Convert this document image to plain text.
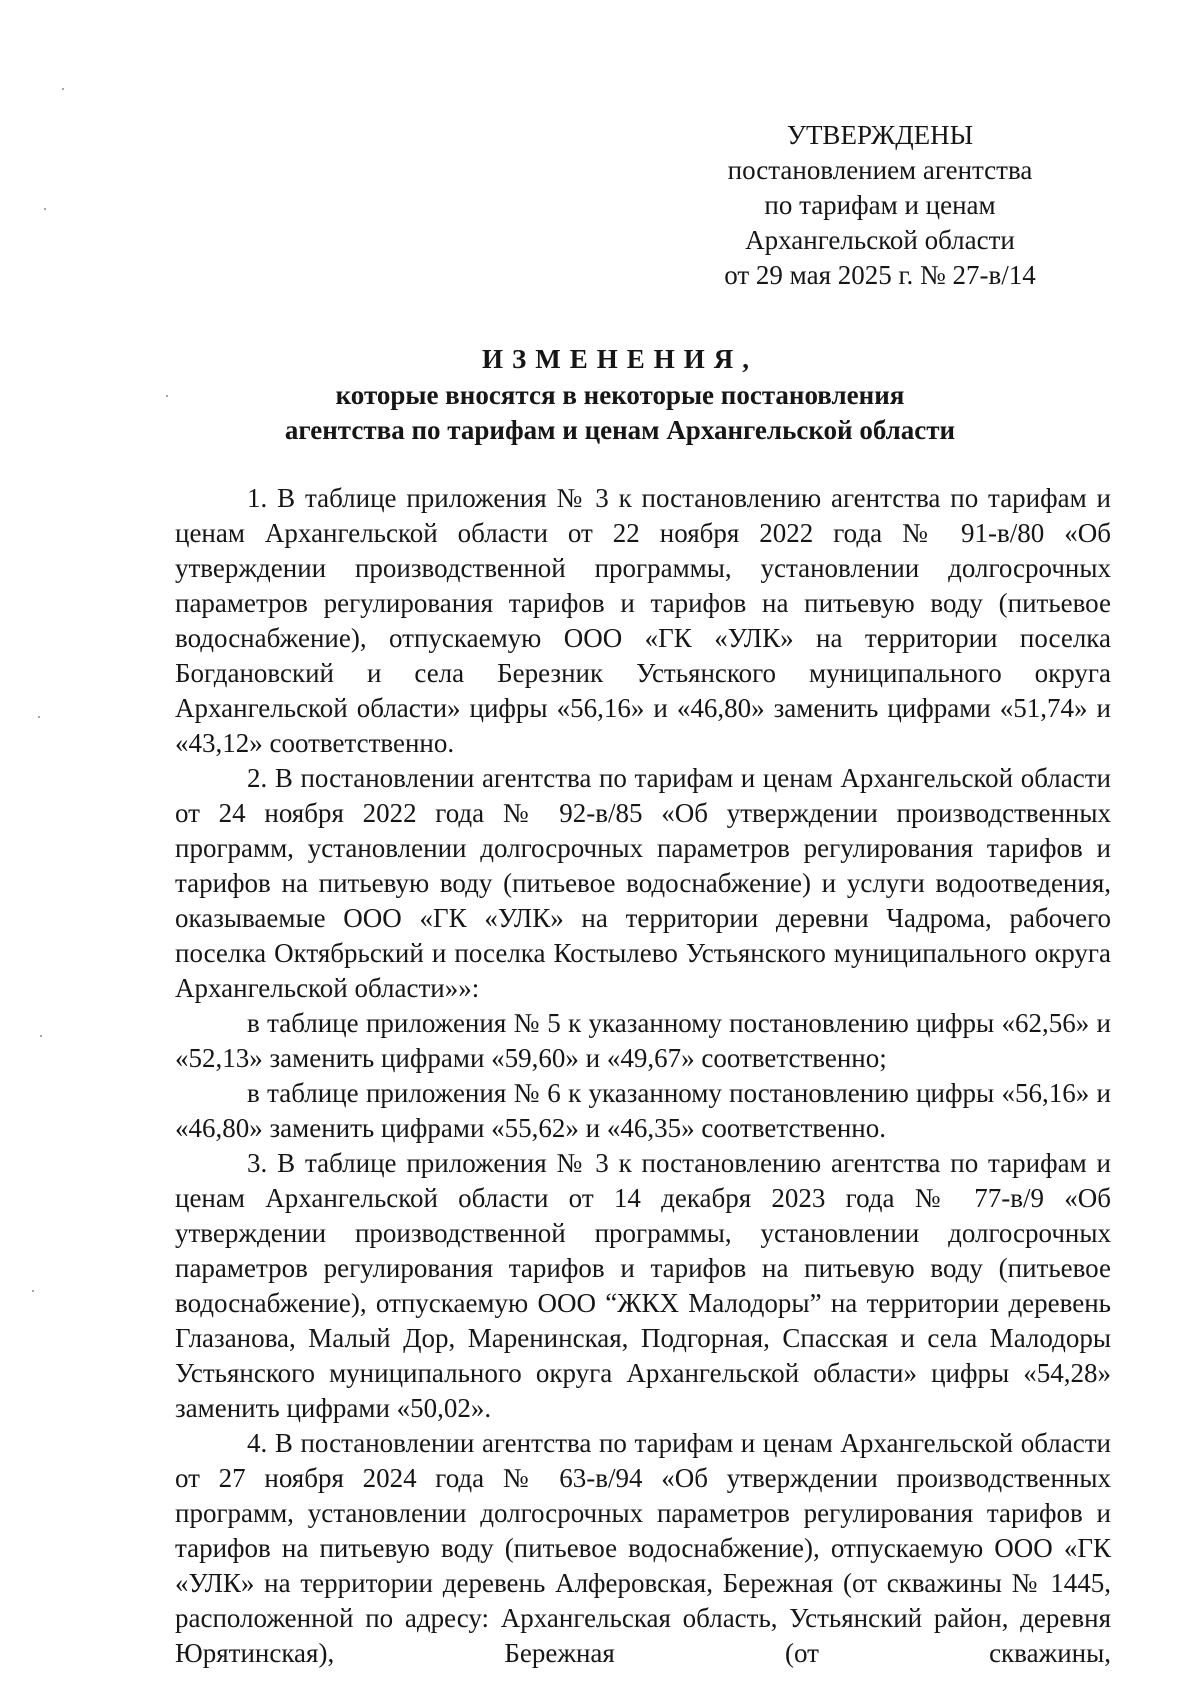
УТВЕРЖДЕНЫ
постановлением агентства
по тарифам и ценам
Архангельской области
от 29 мая 2025 г. № 27-в/14
ИЗМЕНЕНИЯ,
которые вносятся в некоторые постановления
агентства по тарифам и ценам Архангельской области

1. В таблице приложения № 3 к постановлению агентства по тарифам и ценам Архангельской области от 22 ноября 2022 года № 91-в/80 «Об утверждении производственной программы, установлении долгосрочных параметров регулирования тарифов и тарифов на питьевую воду (питьевое водоснабжение), отпускаемую ООО «ГК «УЛК» на территории поселка Богдановский и села Березник Устьянского муниципального округа Архангельской области» цифры «56,16» и «46,80» заменить цифрами «51,74» и «43,12» соответственно.

2. В постановлении агентства по тарифам и ценам Архангельской области от 24 ноября 2022 года № 92-в/85 «Об утверждении производственных программ, установлении долгосрочных параметров регулирования тарифов и тарифов на питьевую воду (питьевое водоснабжение) и услуги водоотведения, оказываемые ООО «ГК «УЛК» на территории деревни Чадрома, рабочего поселка Октябрьский и поселка Костылево Устьянского муниципального округа Архангельской области»»:

в таблице приложения № 5 к указанному постановлению цифры «62,56» и «52,13» заменить цифрами «59,60» и «49,67» соответственно;

в таблице приложения № 6 к указанному постановлению цифры «56,16» и «46,80» заменить цифрами «55,62» и «46,35» соответственно.

3. В таблице приложения № 3 к постановлению агентства по тарифам и ценам Архангельской области от 14 декабря 2023 года № 77-в/9 «Об утверждении производственной программы, установлении долгосрочных параметров регулирования тарифов и тарифов на питьевую воду (питьевое водоснабжение), отпускаемую ООО “ЖКХ Малодоры” на территории деревень Глазанова, Малый Дор, Маренинская, Подгорная, Спасская и села Малодоры Устьянского муниципального округа Архангельской области» цифры «54,28» заменить цифрами «50,02».

4. В постановлении агентства по тарифам и ценам Архангельской области от 27 ноября 2024 года № 63-в/94 «Об утверждении производственных программ, установлении долгосрочных параметров регулирования тарифов и тарифов на питьевую воду (питьевое водоснабжение), отпускаемую ООО «ГК «УЛК» на территории деревень Алферовская, Бережная (от скважины № 1445, расположенной по адресу: Архангельская область, Устьянский район, деревня Юрятинская), Бережная (от скважины,
